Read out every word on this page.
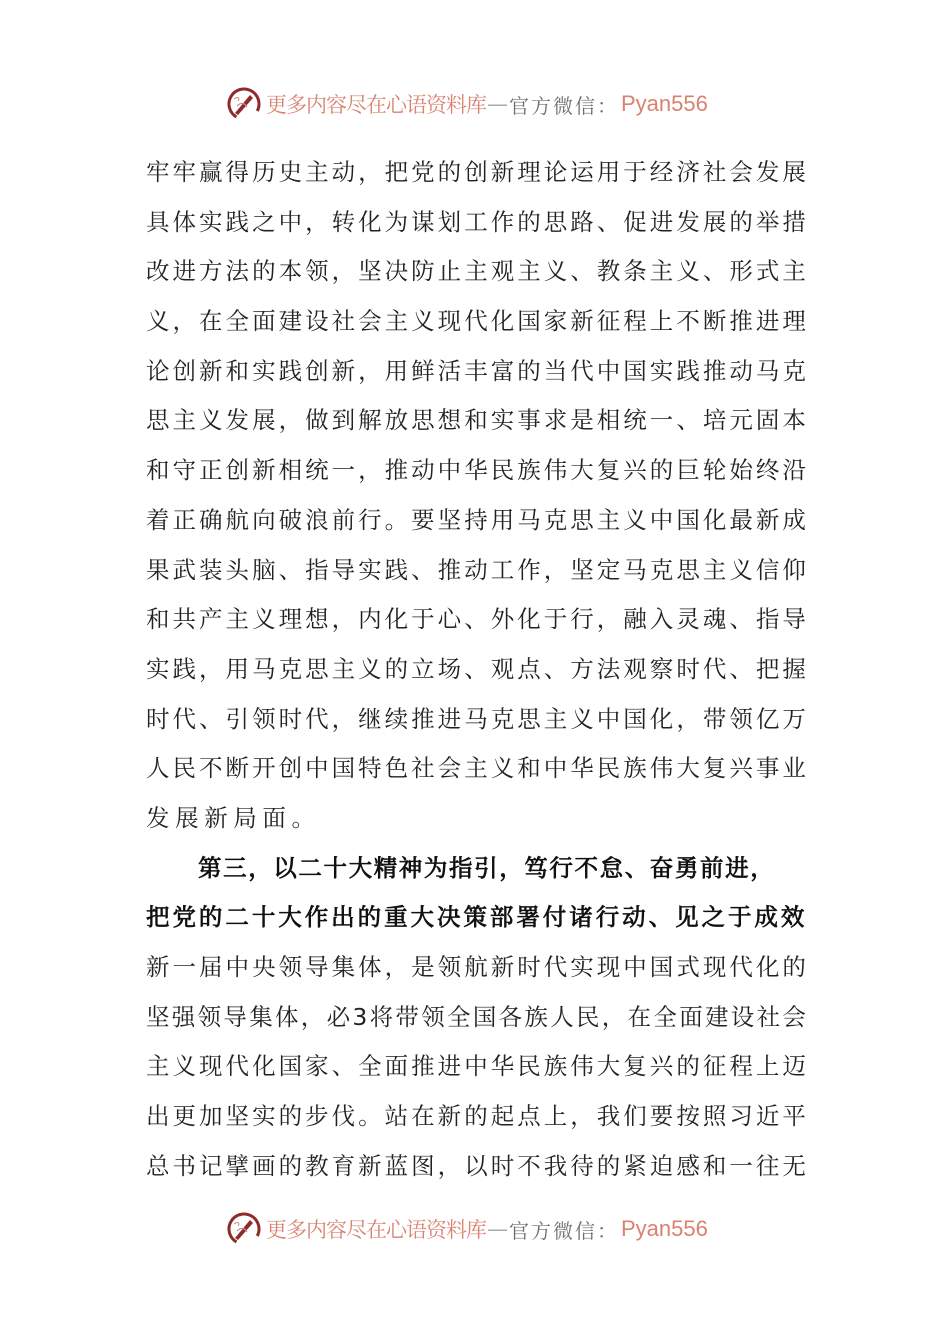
更多内容尽在心语资料库 — 官方微信： Pyan556
牢 牢 赢 得 历 史 主 动 ， 把 党 的 创 新 理 论 运 用 于 经 济 社 会 发 展
具 体 实 践 之 中 ， 转 化 为 谋 划 工 作 的 思 路 、 促 进 发 展 的 举 措
改 进 方 法 的 本 领 ， 坚 决 防 止 主 观 主 义 、 教 条 主 义 、 形 式 主
义 ， 在 全 面 建 设 社 会 主 义 现 代 化 国 家 新 征 程 上 不 断 推 进 理
论 创 新 和 实 践 创 新 ， 用 鲜 活 丰 富 的 当 代 中 国 实 践 推 动 马 克
思 主 义 发 展 ， 做 到 解 放 思 想 和 实 事 求 是 相 统 一 、 培 元 固 本
和 守 正 创 新 相 统 一 ， 推 动 中 华 民 族 伟 大 复 兴 的 巨 轮 始 终 沿
着 正 确 航 向 破 浪 前 行 。 要 坚 持 用 马 克 思 主 义 中 国 化 最 新 成
果 武 装 头 脑 、 指 导 实 践 、 推 动 工 作 ， 坚 定 马 克 思 主 义 信 仰
和 共 产 主 义 理 想 ， 内 化 于 心 、 外 化 于 行 ， 融 入 灵 魂 、 指 导
实 践 ， 用 马 克 思 主 义 的 立 场 、 观 点 、 方 法 观 察 时 代 、 把 握
时 代 、 引 领 时 代 ， 继 续 推 进 马 克 思 主 义 中 国 化 ， 带 领 亿 万
人 民 不 断 开 创 中 国 特 色 社 会 主 义 和 中 华 民 族 伟 大 复 兴 事 业
发展新局面。
第三，以二十大精神为指引，笃行不怠、奋勇前进，
把 党 的 二 十 大 作 出 的 重 大 决 策 部 署 付 诸 行 动 、 见 之 于 成 效
新 一 届 中 央 领 导 集 体 ， 是 领 航 新 时 代 实 现 中 国 式 现 代 化 的
坚 强 领 导 集 体 ， 必 3 将 带 领 全 国 各 族 人 民 ， 在 全 面 建 设 社 会
主 义 现 代 化 国 家 、 全 面 推 进 中 华 民 族 伟 大 复 兴 的 征 程 上 迈
出 更 加 坚 实 的 步 伐 。 站 在 新 的 起 点 上 ， 我 们 要 按 照 习 近 平
总 书 记 擘 画 的 教 育 新 蓝 图 ， 以 时 不 我 待 的 紧 迫 感 和 一 往 无
更多内容尽在心语资料库 — 官方微信： Pyan556
